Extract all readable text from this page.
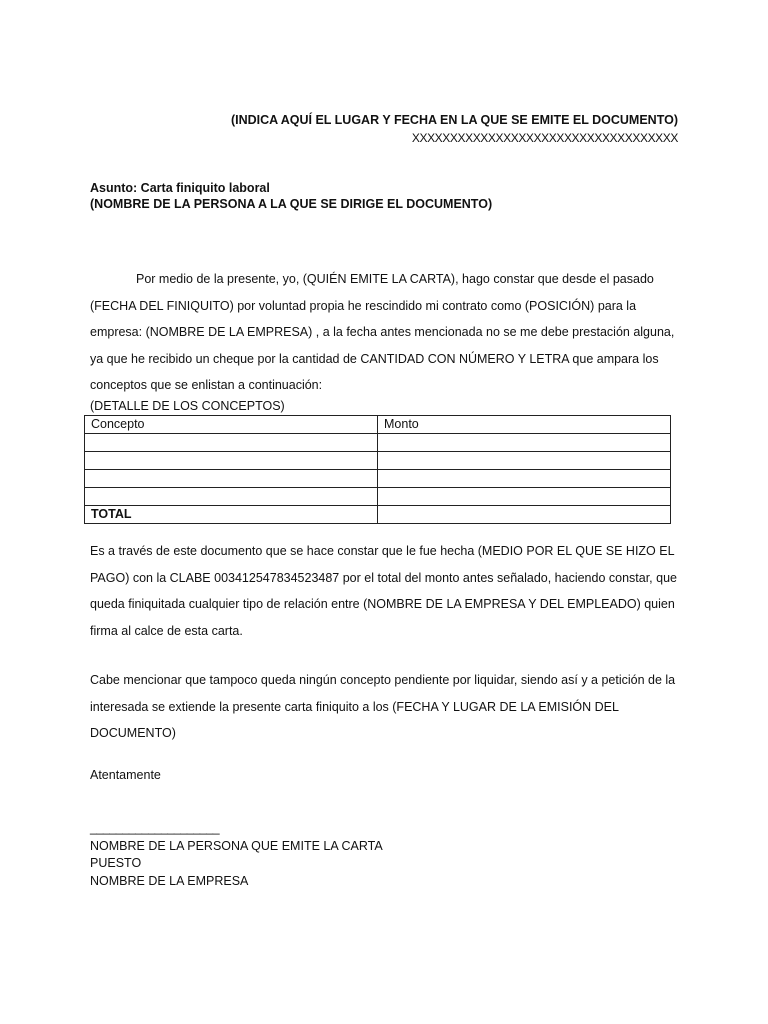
(INDICA AQUÍ EL LUGAR Y FECHA EN LA QUE SE EMITE EL DOCUMENTO)
XXXXXXXXXXXXXXXXXXXXXXXXXXXXXXXXXXX
Asunto: Carta finiquito laboral
(NOMBRE DE LA PERSONA A LA QUE SE DIRIGE EL DOCUMENTO)
Por medio de la presente, yo, (QUIÉN EMITE LA CARTA), hago constar que desde el pasado (FECHA DEL FINIQUITO) por voluntad propia he rescindido mi contrato como (POSICIÓN) para la empresa: (NOMBRE DE LA EMPRESA) , a la fecha antes mencionada no se me debe prestación alguna, ya que he recibido un cheque por la cantidad de CANTIDAD CON NÚMERO Y LETRA que ampara los conceptos que se enlistan a continuación:
(DETALLE DE LOS CONCEPTOS)
Concepto	Monto

TOTAL	
Es a través de este documento que se hace constar que le fue hecha (MEDIO POR EL QUE SE HIZO EL PAGO) con la CLABE 003412547834523487 por el total del monto antes señalado, haciendo constar, que queda finiquitada cualquier tipo de relación entre (NOMBRE DE LA EMPRESA Y DEL EMPLEADO) quien firma al calce de esta carta.
Cabe mencionar que tampoco queda ningún concepto pendiente por liquidar, siendo así y a petición de la interesada se extiende la presente carta finiquito a los (FECHA Y LUGAR DE LA EMISIÓN DEL DOCUMENTO)
Atentamente
____________________
NOMBRE DE LA PERSONA QUE EMITE LA CARTA
PUESTO
NOMBRE DE LA EMPRESA
